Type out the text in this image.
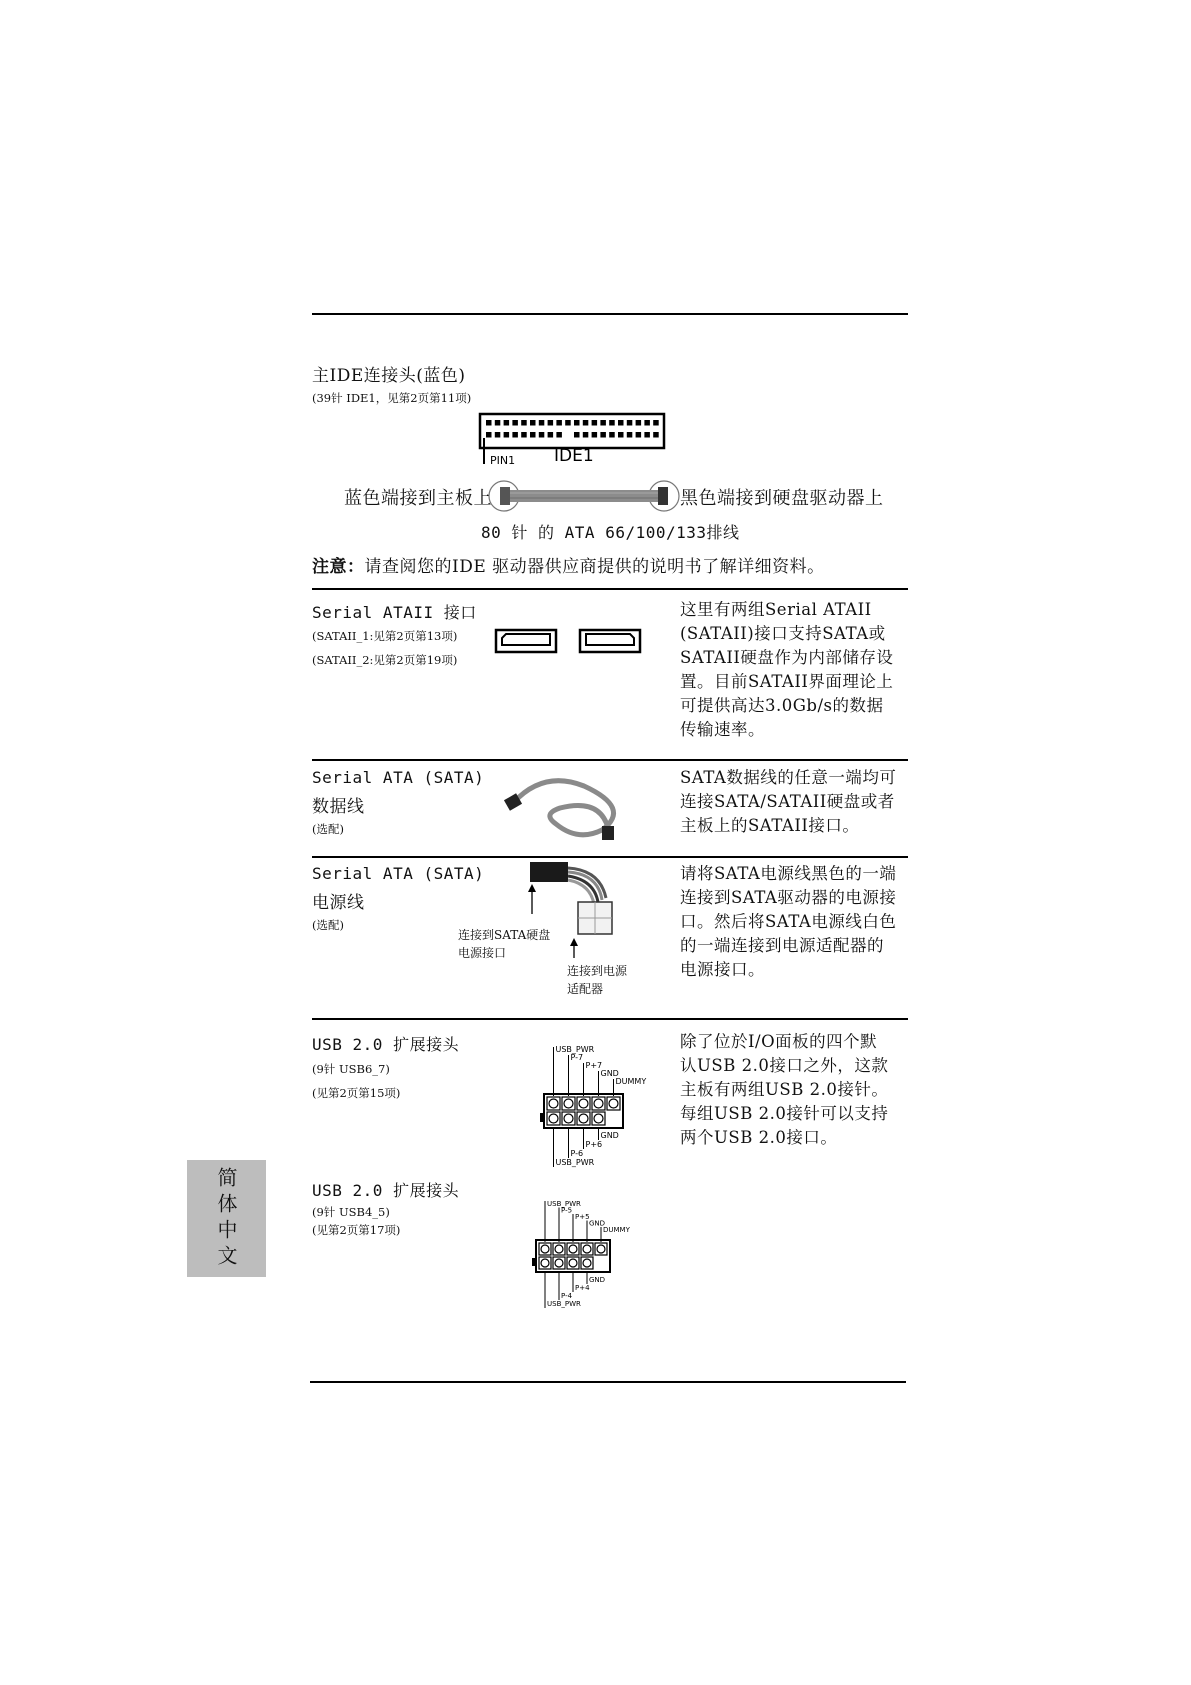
主IDE连接头(蓝色)
(39针 IDE1，见第2页第11项)
PIN1 IDE1
蓝色端接到主板上	黑色端接到硬盘驱动器上
80 针 的 ATA 66/100/133排线
注意：请查阅您的IDE 驱动器供应商提供的说明书了解详细资料。
Serial ATAII 接口
(SATAII_1:见第2页第13项)
(SATAII_2:见第2页第19项)
这里有两组Serial ATAII
(SATAII)接口支持SATA或
SATAII硬盘作为内部储存设
置。目前SATAII界面理论上
可提供高达3.0Gb/s的数据
传输速率。
Serial ATA (SATA)
数据线
(选配)
SATA数据线的任意一端均可
连接SATA/SATAII硬盘或者
主板上的SATAII接口。
Serial ATA (SATA)
电源线
(选配)
连接到SATA硬盘
电源接口
连接到电源
适配器
请将SATA电源线黑色的一端
连接到SATA驱动器的电源接
口。然后将SATA电源线白色
的一端连接到电源适配器的
电源接口。
USB 2.0 扩展接头
(9针 USB6_7)
(见第2页第15项)
USB_PWR
P-7
P+7
GND
DUMMY
GND
P+6
P-6
USB_PWR
除了位於I/O面板的四个默
认USB 2.0接口之外，这款
主板有两组USB 2.0接针。
每组USB 2.0接针可以支持
两个USB 2.0接口。
USB 2.0 扩展接头
(9针 USB4_5)
(见第2页第17项)
USB_PWR
P-5
P+5
GND
DUMMY
GND
P+4
P-4
USB_PWR
简体中文
